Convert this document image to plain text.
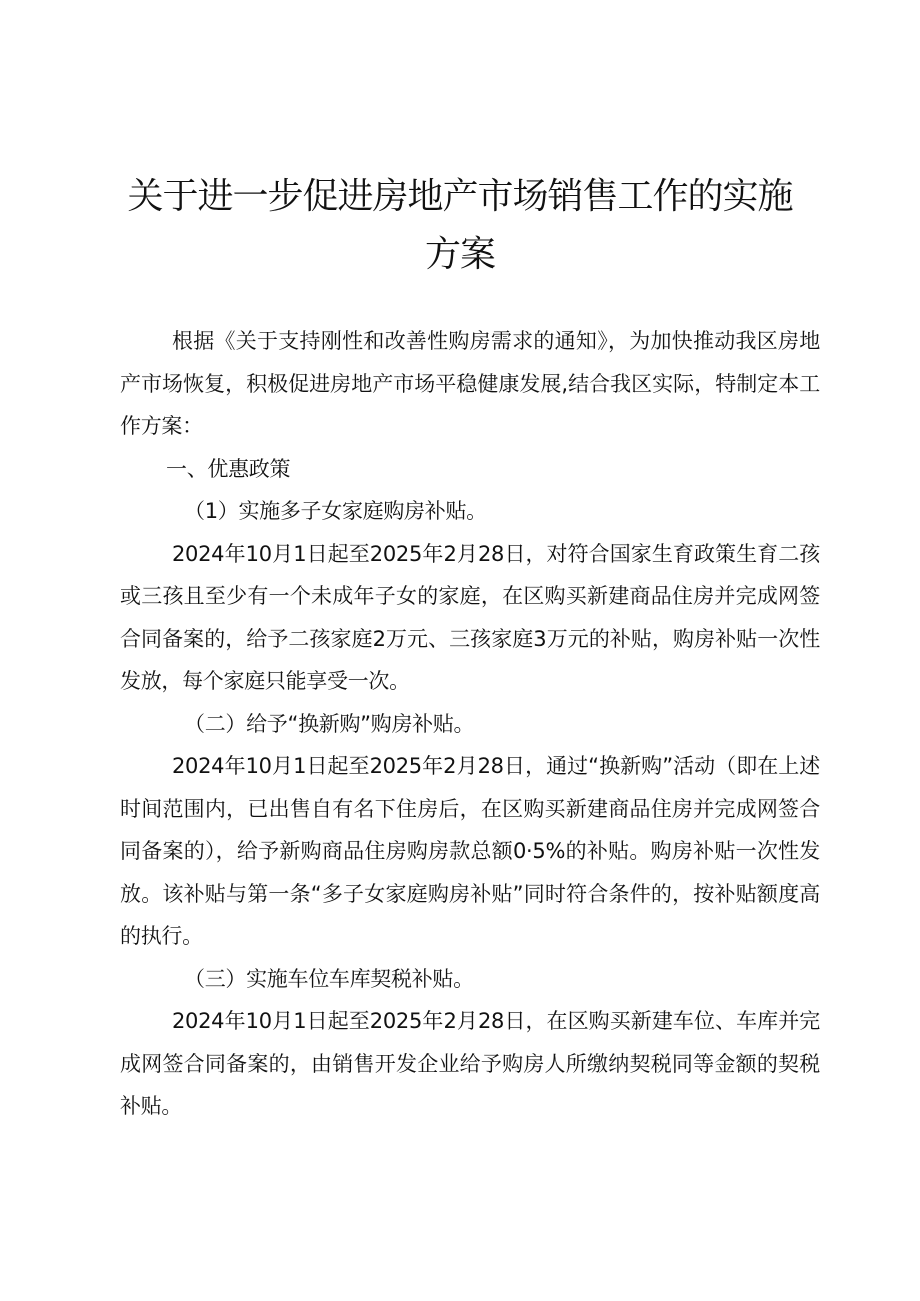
关于进一步促进房地产市场销售工作的实施
方案

根据《关于支持刚性和改善性购房需求的通知》，为加快推动我区房地产市场恢复，积极促进房地产市场平稳健康发展,结合我区实际，特制定本工作方案：

一、优惠政策

（1）实施多子女家庭购房补贴。

2024年10月1日起至2025年2月28日，对符合国家生育政策生育二孩或三孩且至少有一个未成年子女的家庭，在区购买新建商品住房并完成网签合同备案的，给予二孩家庭2万元、三孩家庭3万元的补贴，购房补贴一次性发放，每个家庭只能享受一次。

（二）给予“换新购”购房补贴。

2024年10月1日起至2025年2月28日，通过“换新购”活动（即在上述时间范围内，已出售自有名下住房后，在区购买新建商品住房并完成网签合同备案的），给予新购商品住房购房款总额0·5%的补贴。购房补贴一次性发放。该补贴与第一条“多子女家庭购房补贴”同时符合条件的，按补贴额度高的执行。

（三）实施车位车库契税补贴。

2024年10月1日起至2025年2月28日，在区购买新建车位、车库并完成网签合同备案的，由销售开发企业给予购房人所缴纳契税同等金额的契税补贴。
